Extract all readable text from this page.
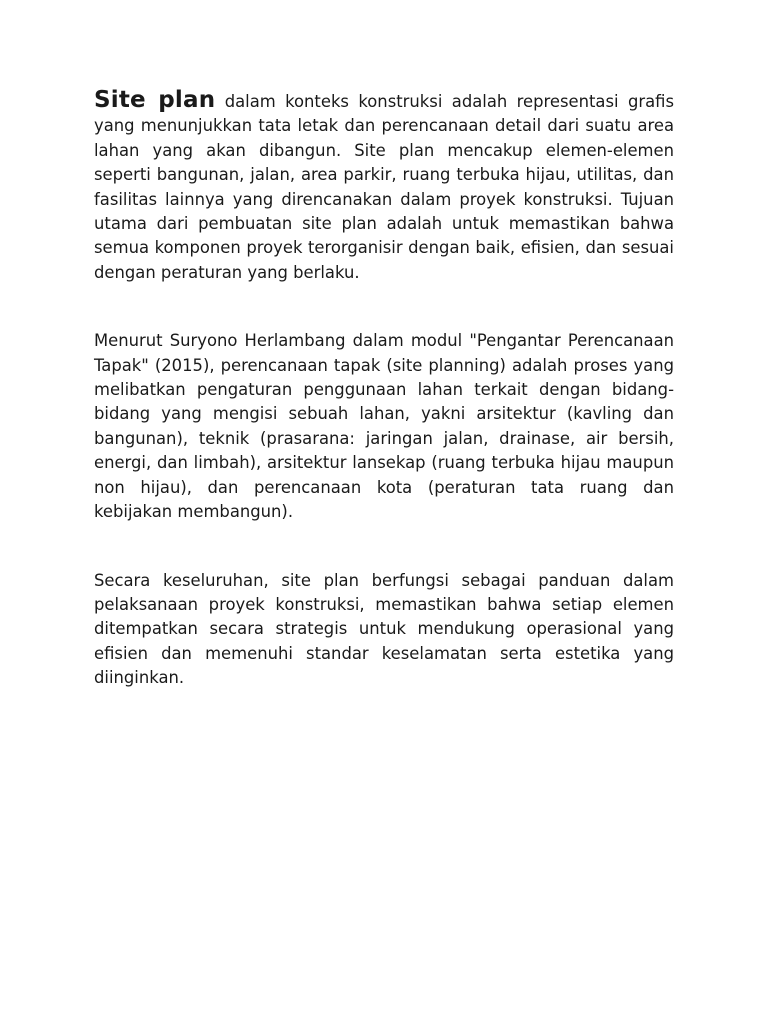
Site plan dalam konteks konstruksi adalah representasi grafis yang menunjukkan tata letak dan perencanaan detail dari suatu area lahan yang akan dibangun. Site plan mencakup elemen-elemen seperti bangunan, jalan, area parkir, ruang terbuka hijau, utilitas, dan fasilitas lainnya yang direncanakan dalam proyek konstruksi. Tujuan utama dari pembuatan site plan adalah untuk memastikan bahwa semua komponen proyek terorganisir dengan baik, efisien, dan sesuai dengan peraturan yang berlaku.

Menurut Suryono Herlambang dalam modul "Pengantar Perencanaan Tapak" (2015), perencanaan tapak (site planning) adalah proses yang melibatkan pengaturan penggunaan lahan terkait dengan bidang-bidang yang mengisi sebuah lahan, yakni arsitektur (kavling dan bangunan), teknik (prasarana: jaringan jalan, drainase, air bersih, energi, dan limbah), arsitektur lansekap (ruang terbuka hijau maupun non hijau), dan perencanaan kota (peraturan tata ruang dan kebijakan membangun).

Secara keseluruhan, site plan berfungsi sebagai panduan dalam pelaksanaan proyek konstruksi, memastikan bahwa setiap elemen ditempatkan secara strategis untuk mendukung operasional yang efisien dan memenuhi standar keselamatan serta estetika yang diinginkan.
